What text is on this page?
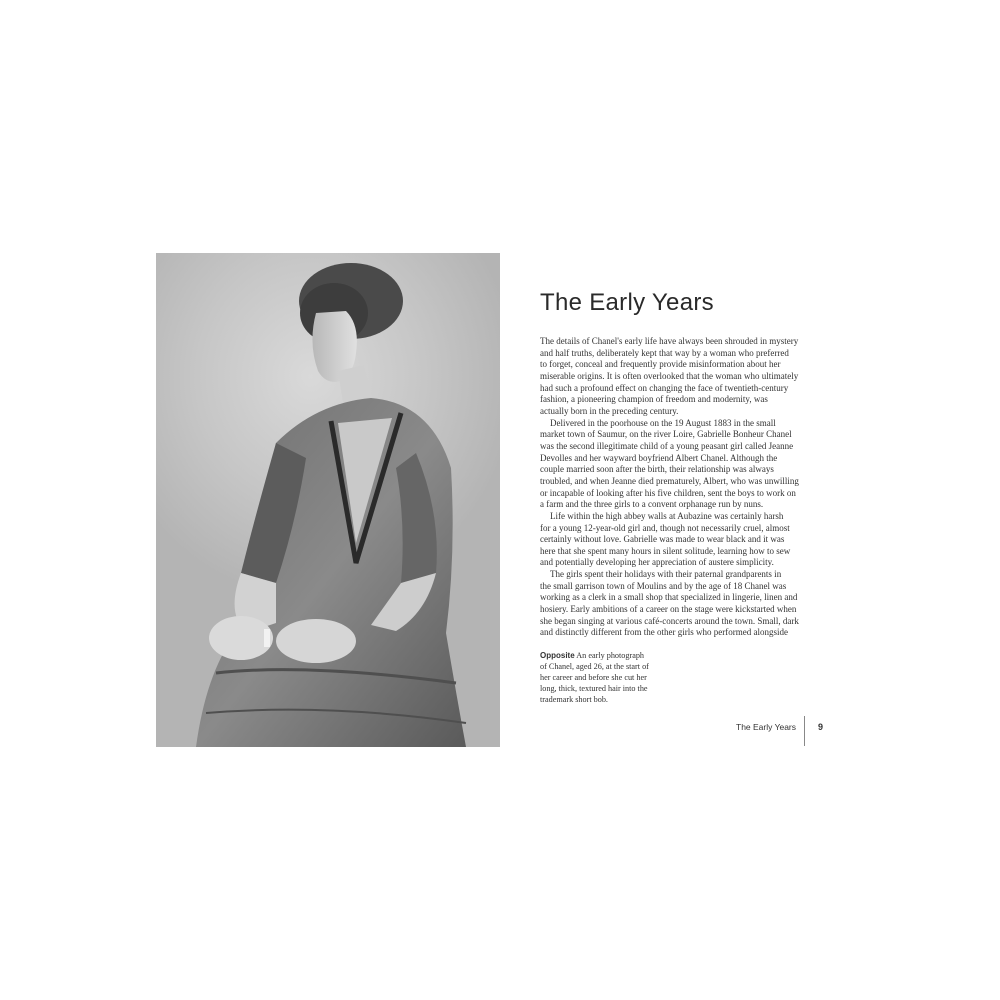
The Early Years
The details of Chanel's early life have always been shrouded in mystery
and half truths, deliberately kept that way by a woman who preferred
to forget, conceal and frequently provide misinformation about her
miserable origins. It is often overlooked that the woman who ultimately
had such a profound effect on changing the face of twentieth-century
fashion, a pioneering champion of freedom and modernity, was
actually born in the preceding century.
Delivered in the poorhouse on the 19 August 1883 in the small
market town of Saumur, on the river Loire, Gabrielle Bonheur Chanel
was the second illegitimate child of a young peasant girl called Jeanne
Devolles and her wayward boyfriend Albert Chanel. Although the
couple married soon after the birth, their relationship was always
troubled, and when Jeanne died prematurely, Albert, who was unwilling
or incapable of looking after his five children, sent the boys to work on
a farm and the three girls to a convent orphanage run by nuns.
Life within the high abbey walls at Aubazine was certainly harsh
for a young 12-year-old girl and, though not necessarily cruel, almost
certainly without love. Gabrielle was made to wear black and it was
here that she spent many hours in silent solitude, learning how to sew
and potentially developing her appreciation of austere simplicity.
The girls spent their holidays with their paternal grandparents in
the small garrison town of Moulins and by the age of 18 Chanel was
working as a clerk in a small shop that specialized in lingerie, linen and
hosiery. Early ambitions of a career on the stage were kickstarted when
she began singing at various café-concerts around the town. Small, dark
and distinctly different from the other girls who performed alongside
Opposite An early photograph
of Chanel, aged 26, at the start of
her career and before she cut her
long, thick, textured hair into the
trademark short bob.
The Early Years 9
